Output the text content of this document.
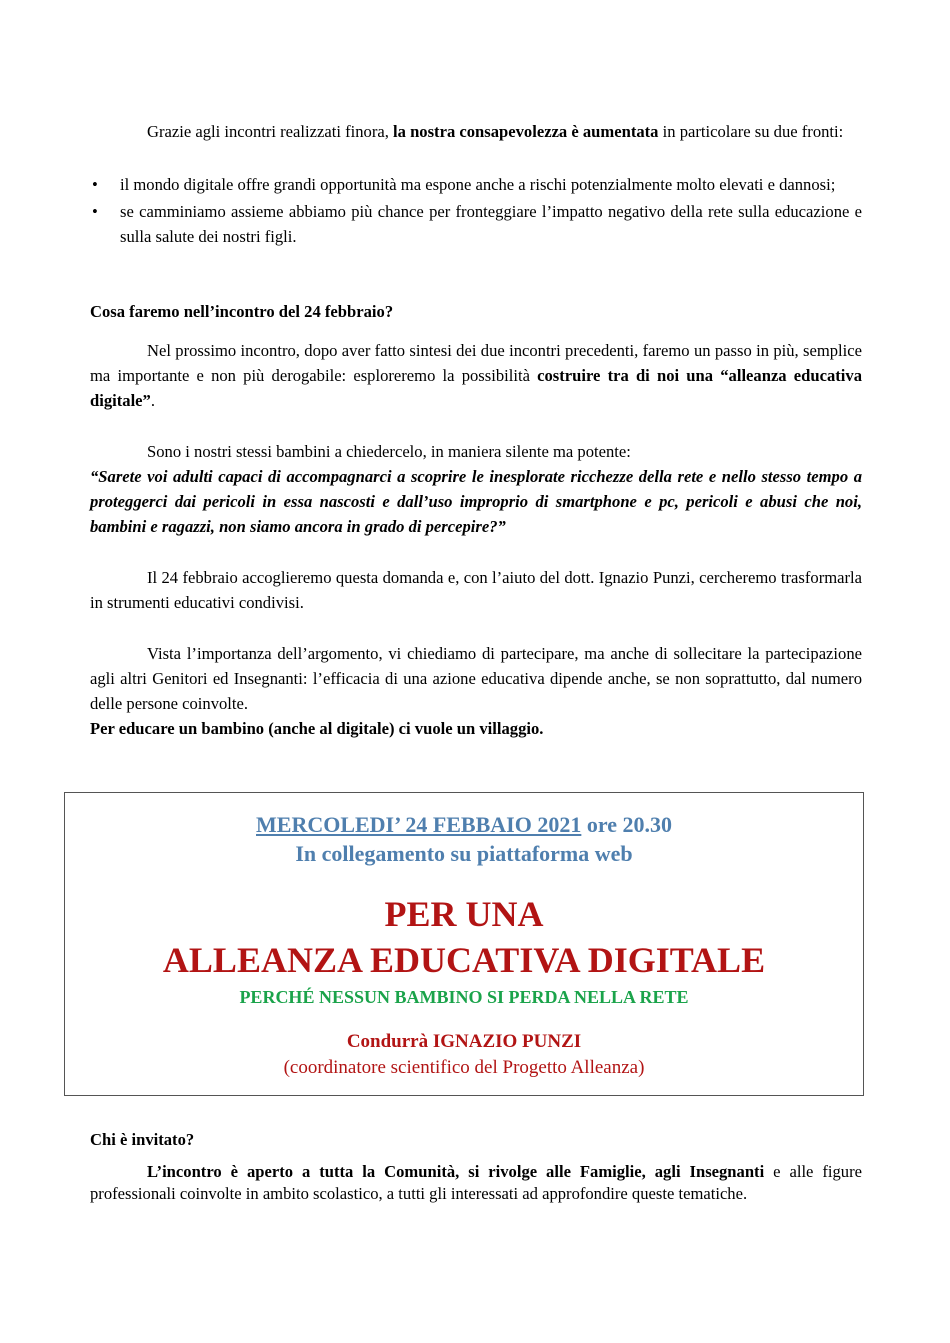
Grazie agli incontri realizzati finora, la nostra consapevolezza è aumentata in particolare su due fronti:

• il mondo digitale offre grandi opportunità ma espone anche a rischi potenzialmente molto elevati e dannosi;
• se camminiamo assieme abbiamo più chance per fronteggiare l’impatto negativo della rete sulla educazione e sulla salute dei nostri figli.

Cosa faremo nell’incontro del 24 febbraio?

Nel prossimo incontro, dopo aver fatto sintesi dei due incontri precedenti, faremo un passo in più, semplice ma importante e non più derogabile: esploreremo la possibilità costruire tra di noi una “alleanza educativa digitale”.

Sono i nostri stessi bambini a chiedercelo, in maniera silente ma potente:

“Sarete voi adulti capaci di accompagnarci a scoprire le inesplorate ricchezze della rete e nello stesso tempo a proteggerci dai pericoli in essa nascosti e dall’uso improprio di smartphone e pc, pericoli e abusi che noi, bambini e ragazzi, non siamo ancora in grado di percepire?”

Il 24 febbraio accoglieremo questa domanda e, con l’aiuto del dott. Ignazio Punzi, cercheremo trasformarla in strumenti educativi condivisi.

Vista l’importanza dell’argomento, vi chiediamo di partecipare, ma anche di sollecitare la partecipazione agli altri Genitori ed Insegnanti: l’efficacia di una azione educativa dipende anche, se non soprattutto, dal numero delle persone coinvolte.

Per educare un bambino (anche al digitale) ci vuole un villaggio.

MERCOLEDI’ 24 FEBBAIO 2021 ore 20.30

In collegamento su piattaforma web

PER UNA

ALLEANZA EDUCATIVA DIGITALE

PERCHÉ NESSUN BAMBINO SI PERDA NELLA RETE

Condurrà IGNAZIO PUNZI

(coordinatore scientifico del Progetto Alleanza)

Chi è invitato?

L’incontro è aperto a tutta la Comunità, si rivolge alle Famiglie, agli Insegnanti e alle figure professionali coinvolte in ambito scolastico, a tutti gli interessati ad approfondire queste tematiche.
